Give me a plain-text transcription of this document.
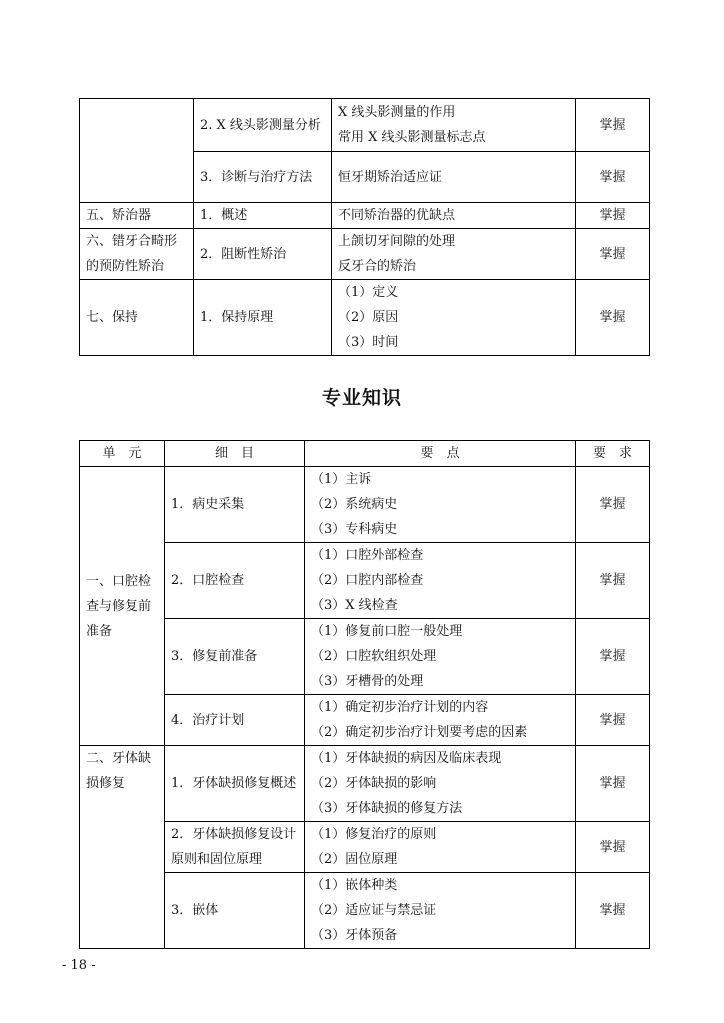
	2. X 线头影测量分析	X 线头影测量的作用
常用 X 线头影测量标志点	掌握
	3．诊断与治疗方法	恒牙期矫治适应证	掌握
五、矫治器	1．概述	不同矫治器的优缺点	掌握
六、错牙合畸形的预防性矫治	2．阻断性矫治	上颌切牙间隙的处理
反牙合的矫治	掌握
七、保持	1．保持原理	（1）定义
（2）原因
（3）时间	掌握
专业知识
单　元	细　目	要　点	要　求
一、口腔检查与修复前准备	1．病史采集	（1）主诉
（2）系统病史
（3）专科病史	掌握
	2．口腔检查	（1）口腔外部检查
（2）口腔内部检查
（3）X 线检查	掌握
	3．修复前准备	（1）修复前口腔一般处理
（2）口腔软组织处理
（3）牙槽骨的处理	掌握
	4．治疗计划	（1）确定初步治疗计划的内容
（2）确定初步治疗计划要考虑的因素	掌握
二、牙体缺损修复	1．牙体缺损修复概述	（1）牙体缺损的病因及临床表现
（2）牙体缺损的影响
（3）牙体缺损的修复方法	掌握
	2．牙体缺损修复设计原则和固位原理	（1）修复治疗的原则
（2）固位原理	掌握
	3．嵌体	（1）嵌体种类
（2）适应证与禁忌证
（3）牙体预备	掌握
- 18 -
